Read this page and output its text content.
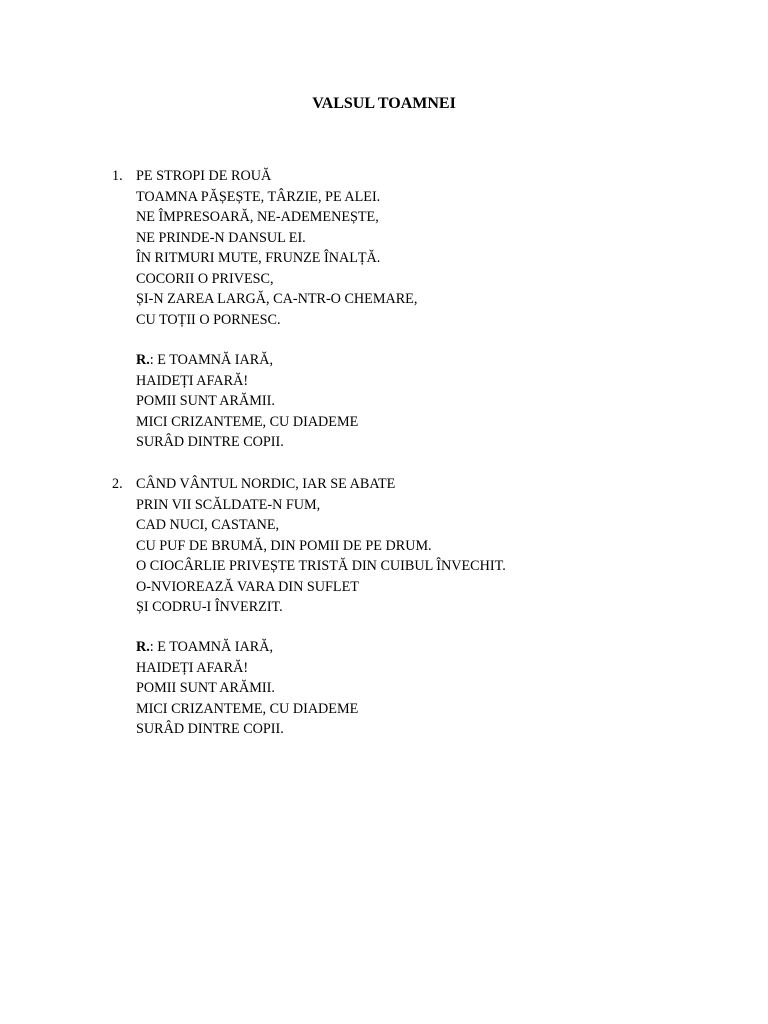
VALSUL TOAMNEI
1. PE STROPI DE ROUĂ
TOAMNA PĂȘEȘTE, TÂRZIE, PE ALEI.
NE ÎMPRESOARĂ, NE-ADEMENEȘTE,
NE PRINDE-N DANSUL EI.
ÎN RITMURI MUTE, FRUNZE ÎNALȚĂ.
COCORII O PRIVESC,
ȘI-N ZAREA LARGĂ, CA-NTR-O CHEMARE,
CU TOȚII O PORNESC.
R.: E TOAMNĂ IARĂ,
HAIDEȚI AFARĂ!
POMII SUNT ARĂMII.
MICI CRIZANTEME, CU DIADEME
SURÂD DINTRE COPII.
2. CÂND VÂNTUL NORDIC, IAR SE ABATE
PRIN VII SCĂLDATE-N FUM,
CAD NUCI, CASTANE,
CU PUF DE BRUMĂ, DIN POMII DE PE DRUM.
O CIOCÂRLIE PRIVEȘTE TRISTĂ DIN CUIBUL ÎNVECHIT.
O-NVIOREAZĂ VARA DIN SUFLET
ȘI CODRU-I ÎNVERZIT.
R.: E TOAMNĂ IARĂ,
HAIDEȚI AFARĂ!
POMII SUNT ARĂMII.
MICI CRIZANTEME, CU DIADEME
SURÂD DINTRE COPII.
